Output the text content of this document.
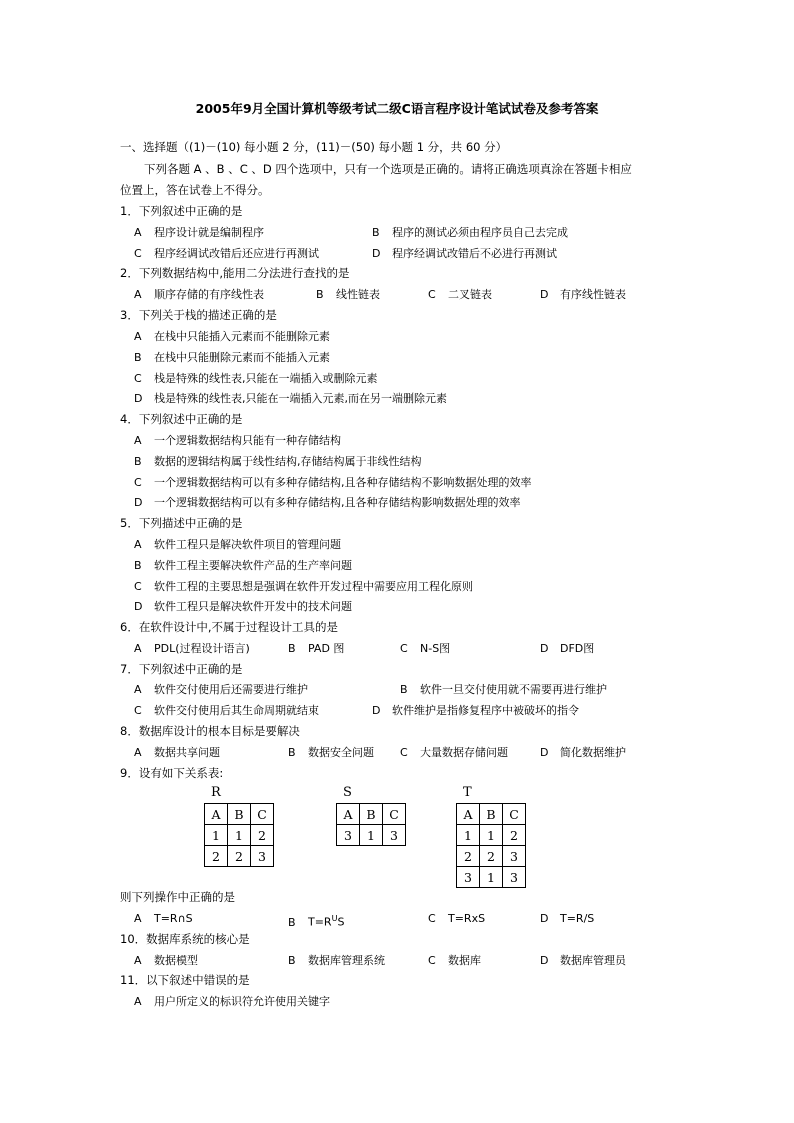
2005年9月全国计算机等级考试二级C语言程序设计笔试试卷及参考答案
一、选择题（(1)－(10) 每小题 2 分，(11)－(50) 每小题 1 分，共 60 分）
下列各题 A 、B 、C 、D 四个选项中，只有一个选项是正确的。请将正确选项真涂在答题卡相应
位置上，答在试卷上不得分。
1．下列叙述中正确的是
A 程序设计就是编制程序	B 程序的测试必须由程序员自己去完成
C 程序经调试改错后还应进行再测试	D 程序经调试改错后不必进行再测试
2．下列数据结构中,能用二分法进行查找的是
A 顺序存储的有序线性表	B 线性链表	C 二叉链表	D 有序线性链表
3．下列关于栈的描述正确的是
A 在栈中只能插入元素而不能删除元素
B 在栈中只能删除元素而不能插入元素
C 栈是特殊的线性表,只能在一端插入或删除元素
D 栈是特殊的线性表,只能在一端插入元素,而在另一端删除元素
4．下列叙述中正确的是
A 一个逻辑数据结构只能有一种存储结构
B 数据的逻辑结构属于线性结构,存储结构属于非线性结构
C 一个逻辑数据结构可以有多种存储结构,且各种存储结构不影响数据处理的效率
D 一个逻辑数据结构可以有多种存储结构,且各种存储结构影响数据处理的效率
5．下列描述中正确的是
A 软件工程只是解决软件项目的管理问题
B 软件工程主要解决软件产品的生产率问题
C 软件工程的主要思想是强调在软件开发过程中需要应用工程化原则
D 软件工程只是解决软件开发中的技术问题
6．在软件设计中,不属于过程设计工具的是
A PDL(过程设计语言)	B PAD 图	C N-S图	D DFD图
7．下列叙述中正确的是
A 软件交付使用后还需要进行维护	B 软件一旦交付使用就不需要再进行维护
C 软件交付使用后其生命周期就结束	D 软件维护是指修复程序中被破坏的指令
8．数据库设计的根本目标是要解决
A 数据共享问题	B 数据安全问题 C 大量数据存储问题	D 简化数据维护
9．设有如下关系表:
R
A	B	C
1	1	2
2	2	3
S
A	B	C
3	1	3
T
A	B	C
1	1	2
2	2	3
3	1	3
则下列操作中正确的是
A T=R∩S	B $T=R^US$	C T=RxS	D T=R/S
10．数据库系统的核心是
A 数据模型	B 数据库管理系统	C 数据库	D 数据库管理员
11．以下叙述中错误的是
A 用户所定义的标识符允许使用关键字
